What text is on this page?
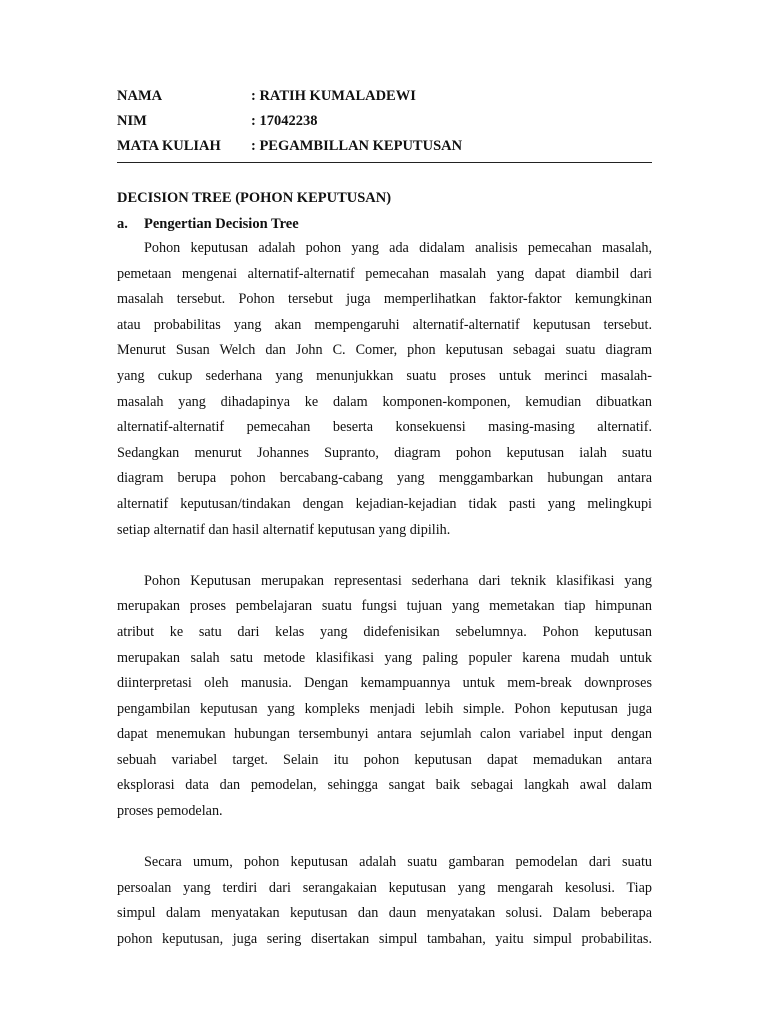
NAMA	: RATIH KUMALADEWI
NIM	: 17042238
MATA KULIAH : PEGAMBILLAN KEPUTUSAN
DECISION TREE (POHON KEPUTUSAN)
a. Pengertian Decision Tree

Pohon keputusan adalah pohon yang ada didalam analisis pemecahan masalah,
pemetaan mengenai alternatif-alternatif pemecahan masalah yang dapat diambil dari
masalah tersebut. Pohon tersebut juga memperlihatkan faktor-faktor kemungkinan
atau probabilitas yang akan mempengaruhi alternatif-alternatif keputusan tersebut.
Menurut Susan Welch dan John C. Comer, phon keputusan sebagai suatu diagram
yang cukup sederhana yang menunjukkan suatu proses untuk merinci masalah-
masalah yang dihadapinya ke dalam komponen-komponen, kemudian dibuatkan
alternatif-alternatif pemecahan beserta konsekuensi masing-masing alternatif.
Sedangkan menurut Johannes Supranto, diagram pohon keputusan ialah suatu
diagram berupa pohon bercabang-cabang yang menggambarkan hubungan antara
alternatif keputusan/tindakan dengan kejadian-kejadian tidak pasti yang melingkupi
setiap alternatif dan hasil alternatif keputusan yang dipilih.

Pohon Keputusan merupakan representasi sederhana dari teknik klasifikasi yang
merupakan proses pembelajaran suatu fungsi tujuan yang memetakan tiap himpunan
atribut ke satu dari kelas yang didefenisikan sebelumnya. Pohon keputusan
merupakan salah satu metode klasifikasi yang paling populer karena mudah untuk
diinterpretasi oleh manusia. Dengan kemampuannya untuk mem-break downproses
pengambilan keputusan yang kompleks menjadi lebih simple. Pohon keputusan juga
dapat menemukan hubungan tersembunyi antara sejumlah calon variabel input dengan
sebuah variabel target. Selain itu pohon keputusan dapat memadukan antara
eksplorasi data dan pemodelan, sehingga sangat baik sebagai langkah awal dalam
proses pemodelan.

Secara umum, pohon keputusan adalah suatu gambaran pemodelan dari suatu
persoalan yang terdiri dari serangakaian keputusan yang mengarah kesolusi. Tiap
simpul dalam menyatakan keputusan dan daun menyatakan solusi. Dalam beberapa
pohon keputusan, juga sering disertakan simpul tambahan, yaitu simpul probabilitas.
